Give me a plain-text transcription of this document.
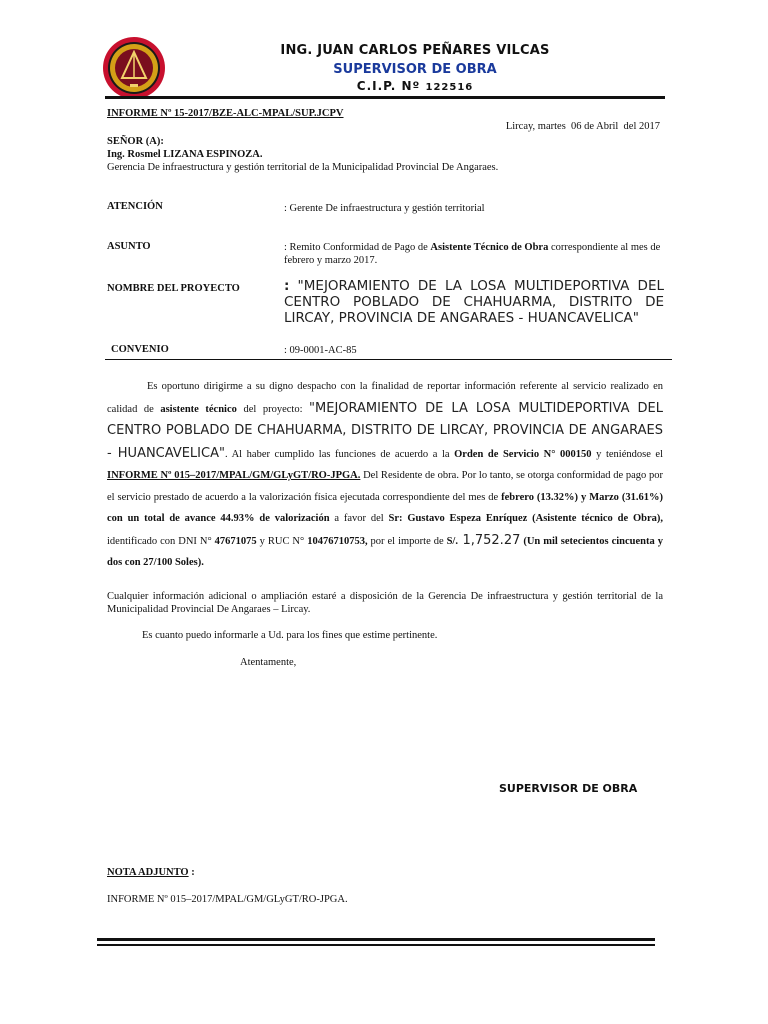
ING. JUAN CARLOS PEÑARES VILCAS
SUPERVISOR DE OBRA
C.I.P. Nº 122516
INFORME Nº 15-2017/BZE-ALC-MPAL/SUP.JCPV
Lircay, martes  06 de Abril  del 2017
SEÑOR (A):
Ing. Rosmel LIZANA ESPINOZA.
Gerencia De infraestructura y gestión territorial de la Municipalidad Provincial De Angaraes.
ATENCIÓN	: Gerente De infraestructura y gestión territorial
ASUNTO	: Remito Conformidad de Pago de Asistente Técnico de Obra correspondiente al mes de febrero y marzo 2017.
NOMBRE DEL PROYECTO	: "MEJORAMIENTO DE LA LOSA MULTIDEPORTIVA DEL CENTRO POBLADO DE CHAHUARMA, DISTRITO DE LIRCAY, PROVINCIA DE ANGARAES - HUANCAVELICA"
CONVENIO	: 09-0001-AC-85

Es oportuno dirigirme a su digno despacho con la finalidad de reportar información referente al servicio realizado en calidad de asistente técnico del proyecto: "MEJORAMIENTO DE LA LOSA MULTIDEPORTIVA DEL CENTRO POBLADO DE CHAHUARMA, DISTRITO DE LIRCAY, PROVINCIA DE ANGARAES - HUANCAVELICA". Al haber cumplido las funciones de acuerdo a la Orden de Servicio N° 000150 y teniéndose el INFORME Nº 015–2017/MPAL/GM/GLyGT/RO-JPGA. Del Residente de obra. Por lo tanto, se otorga conformidad de pago por el servicio prestado de acuerdo a la valorización física ejecutada correspondiente del mes de febrero (13.32%) y Marzo (31.61%) con un total de avance 44.93% de valorización a favor del Sr: Gustavo Espeza Enríquez (Asistente técnico de Obra), identificado con DNI N° 47671075 y RUC N° 10476710753, por el importe de S/. 1,752.27 (Un mil setecientos cincuenta y dos con 27/100 Soles).

Cualquier información adicional o ampliación estaré a disposición de la Gerencia De infraestructura y gestión territorial de la Municipalidad Provincial De Angaraes – Lircay.
Es cuanto puedo informarle a Ud. para los fines que estime pertinente.
Atentamente,
SUPERVISOR DE OBRA
NOTA ADJUNTO :
INFORME Nº 015–2017/MPAL/GM/GLyGT/RO-JPGA.
